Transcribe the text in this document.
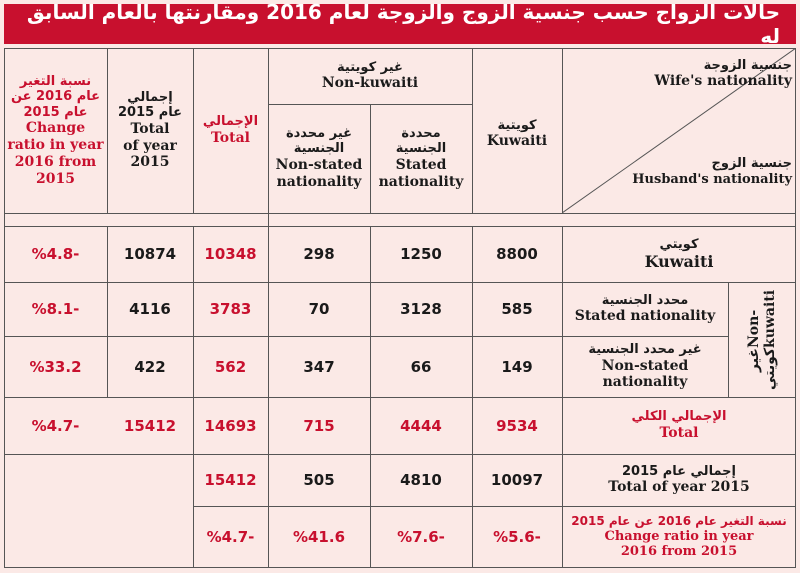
حالات الزواج حسب جنسية الزوج والزوجة لعام 2016 ومقارنتها بالعام السابق له
جنسية الزوجة
Wife's nationality
جنسية الزوج
Husband's nationality
كويتية
Kuwaiti
غير كويتية
Non-kuwaiti
محددة
الجنسية
Stated
nationality
غير محددة
الجنسية
Non-stated
nationality
الإجمالي
Total
إجمالي
عام 2015
Total
of year
2015
نسبة التغير
عام 2016 عن
عام 2015
Change
ratio in year
2016 from
2015
كويتي
Kuwaiti
8800
1250
298
10348
10874
%4.8-
غير كويتي
Non-kuwaiti
محدد الجنسية
Stated nationality
585
3128
70
3783
4116
%8.1-
غير محدد الجنسية
Non-stated
nationality
149
66
347
562
422
%33.2
الإجمالي الكلي
Total
9534
4444
715
14693
15412
%4.7-
إجمالي عام 2015
Total of year 2015
10097
4810
505
15412
نسبة التغير عام 2016 عن عام 2015
Change ratio in year
2016 from 2015
%5.6-
%7.6-
%41.6
%4.7-
